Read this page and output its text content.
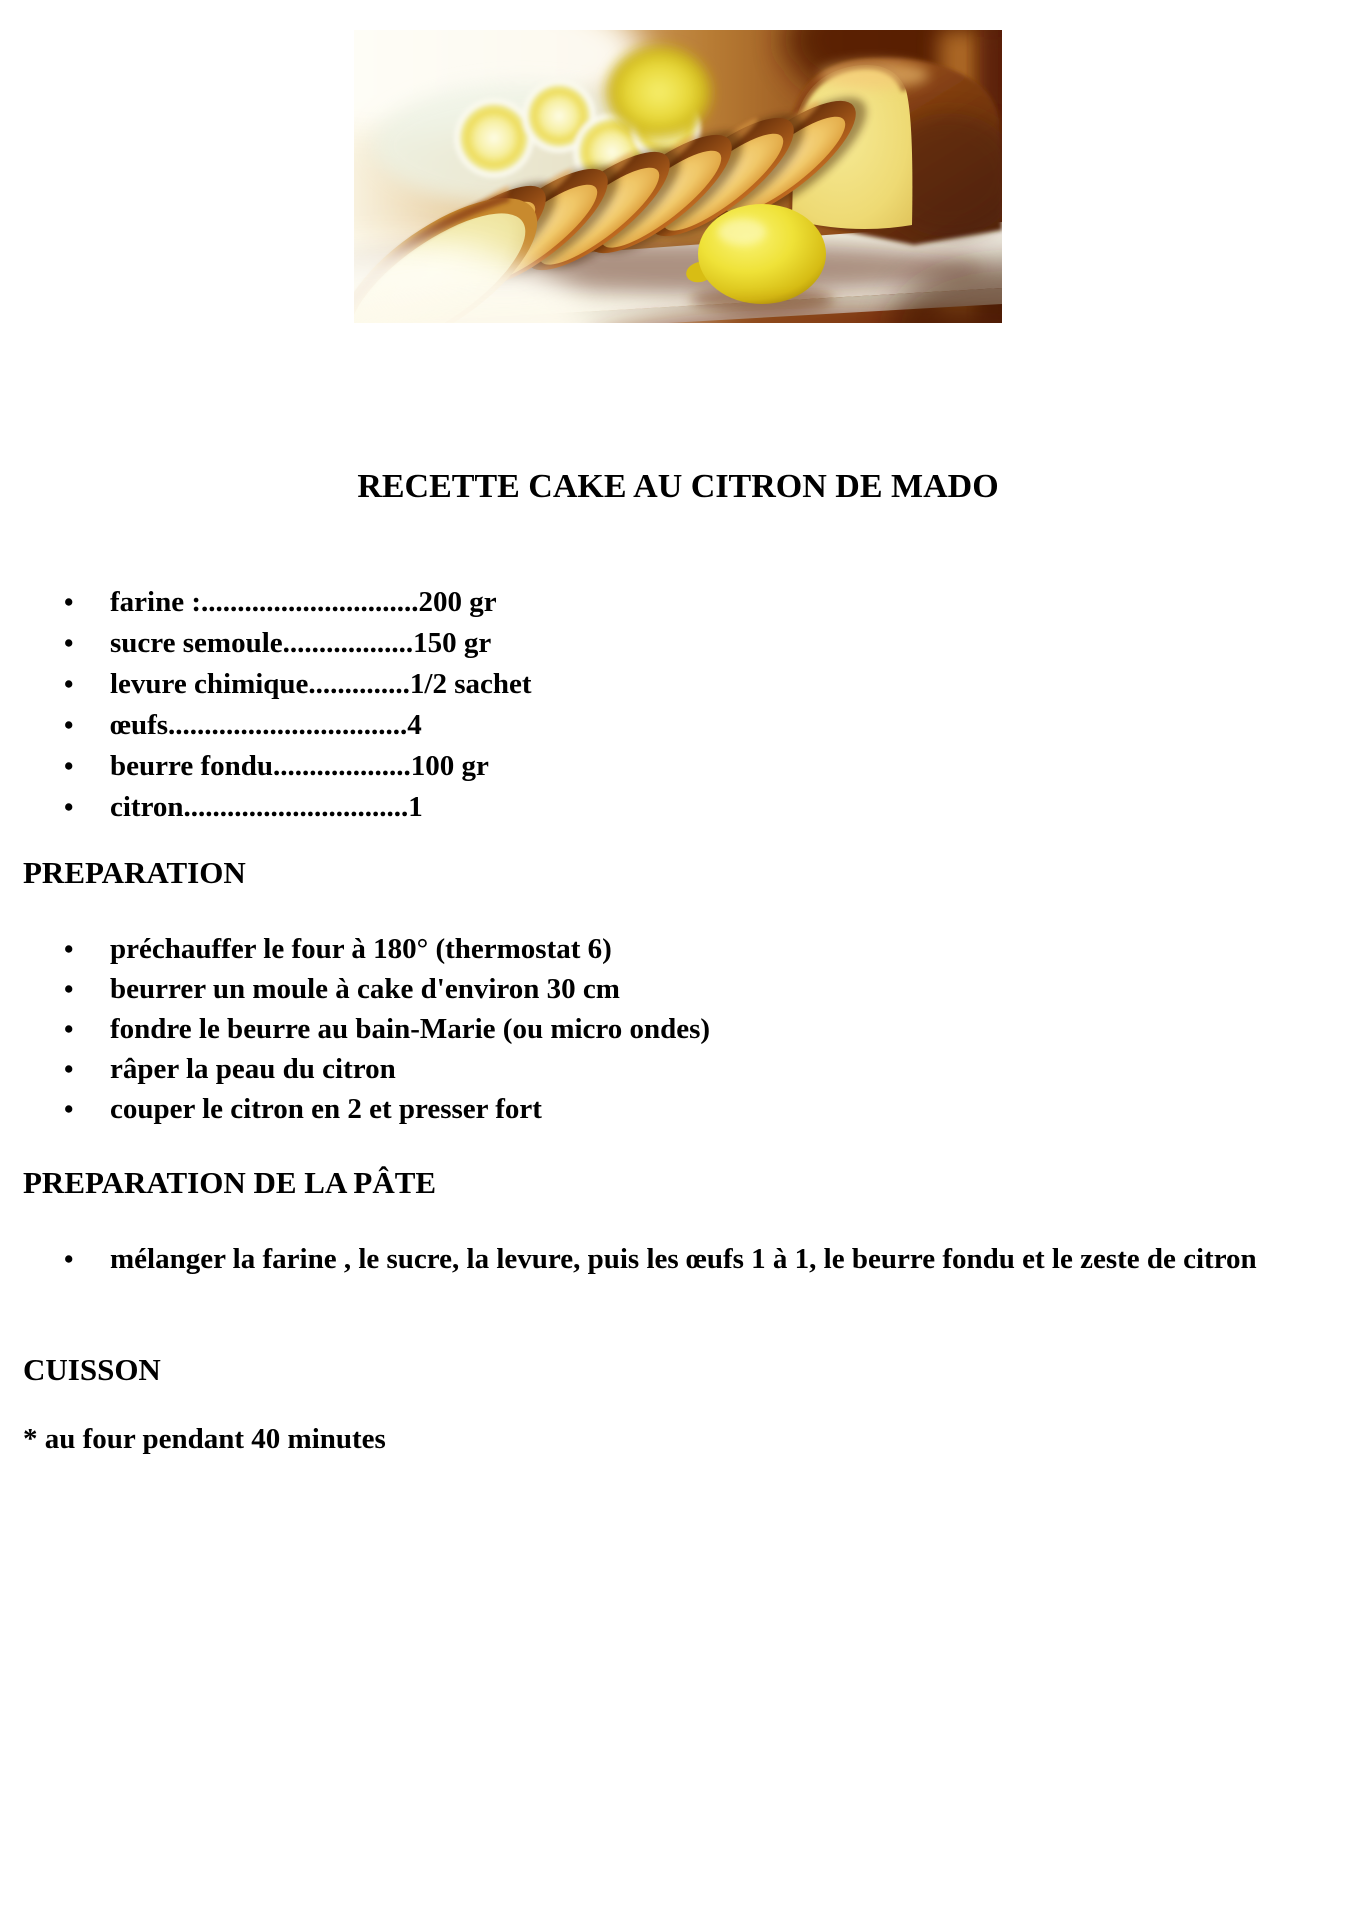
RECETTE CAKE AU CITRON DE MADO
•	farine :..............................200 gr
•	sucre semoule..................150 gr
•	levure chimique..............1/2 sachet
•	œufs.................................4
•	beurre fondu...................100 gr
•	citron...............................1
PREPARATION
•	préchauffer le four à 180° (thermostat 6)
•	beurrer un moule à cake d'environ 30 cm
•	fondre le beurre au bain-Marie (ou micro ondes)
•	râper la peau du citron
•	couper le citron en 2 et presser fort
PREPARATION DE LA PÂTE
•	mélanger la farine , le sucre, la levure, puis les œufs 1 à 1, le beurre fondu et le zeste de citron
CUISSON

* au four pendant 40 minutes
